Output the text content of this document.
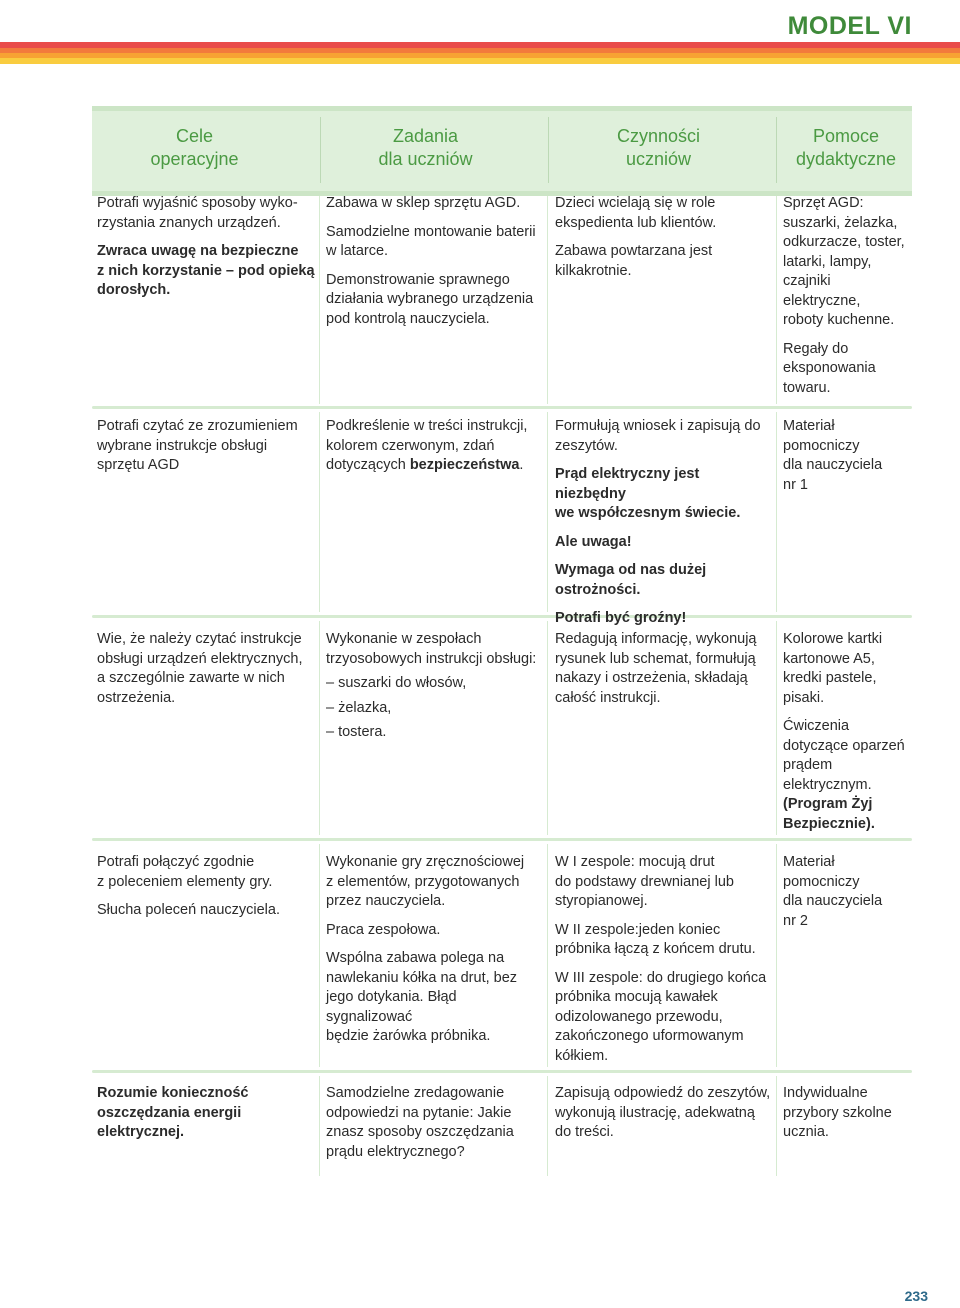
MODEL VI
Cele
operacyjne
Zadania
dla uczniów
Czynności
uczniów
Pomoce
dydaktyczne

Potrafi wyjaśnić sposoby wyko-
rzystania znanych urządzeń.

Zwraca uwagę na bezpieczne
z nich korzystanie – pod opieką
dorosłych.

Zabawa w sklep sprzętu AGD.

Samodzielne montowanie baterii
w latarce.

Demonstrowanie sprawnego
działania wybranego urządzenia
pod kontrolą nauczyciela.

Dzieci wcielają się w role
ekspedienta lub klientów.

Zabawa powtarzana jest
kilkakrotnie.

Sprzęt AGD:
suszarki, żelazka,
odkurzacze, toster,
latarki, lampy,
czajniki
elektryczne,
roboty kuchenne.

Regały do
eksponowania
towaru.

Potrafi czytać ze zrozumieniem
wybrane instrukcje obsługi
sprzętu AGD

Podkreślenie w treści instrukcji,
kolorem czerwonym, zdań
dotyczących bezpieczeństwa.

Formułują wniosek i zapisują do
zeszytów.

Prąd elektryczny jest niezbędny
we współczesnym świecie.

Ale uwaga!

Wymaga od nas dużej
ostrożności.

Potrafi być groźny!

Materiał
pomocniczy
dla nauczyciela
nr 1

Wie, że należy czytać instrukcje
obsługi urządzeń elektrycznych,
a szczególnie zawarte w nich
ostrzeżenia.

Wykonanie w zespołach
trzyosobowych instrukcji obsługi:

– suszarki do włosów,

– żelazka,

– tostera.

Redagują informację, wykonują
rysunek lub schemat, formułują
nakazy i ostrzeżenia, składają
całość instrukcji.

Kolorowe kartki
kartonowe A5,
kredki pastele,
pisaki.

Ćwiczenia
dotyczące oparzeń
prądem
elektrycznym.

(Program Żyj
Bezpiecznie).

Potrafi połączyć zgodnie
z poleceniem elementy gry.

Słucha poleceń nauczyciela.

Wykonanie gry zręcznościowej
z elementów, przygotowanych
przez nauczyciela.

Praca zespołowa.

Wspólna zabawa polega na
nawlekaniu kółka na drut, bez
jego dotykania. Błąd sygnalizować
będzie żarówka próbnika.

W I zespole: mocują drut
do podstawy drewnianej lub
styropianowej.

W II zespole:jeden koniec
próbnika łączą z końcem drutu.

W III zespole: do drugiego końca
próbnika mocują kawałek
odizolowanego przewodu,
zakończonego uformowanym
kółkiem.

Materiał
pomocniczy
dla nauczyciela
nr 2

Rozumie konieczność
oszczędzania energii
elektrycznej.

Samodzielne zredagowanie
odpowiedzi na pytanie: Jakie
znasz sposoby oszczędzania
prądu elektrycznego?

Zapisują odpowiedź do zeszytów,
wykonują ilustrację, adekwatną
do treści.

Indywidualne
przybory szkolne
ucznia.

233
